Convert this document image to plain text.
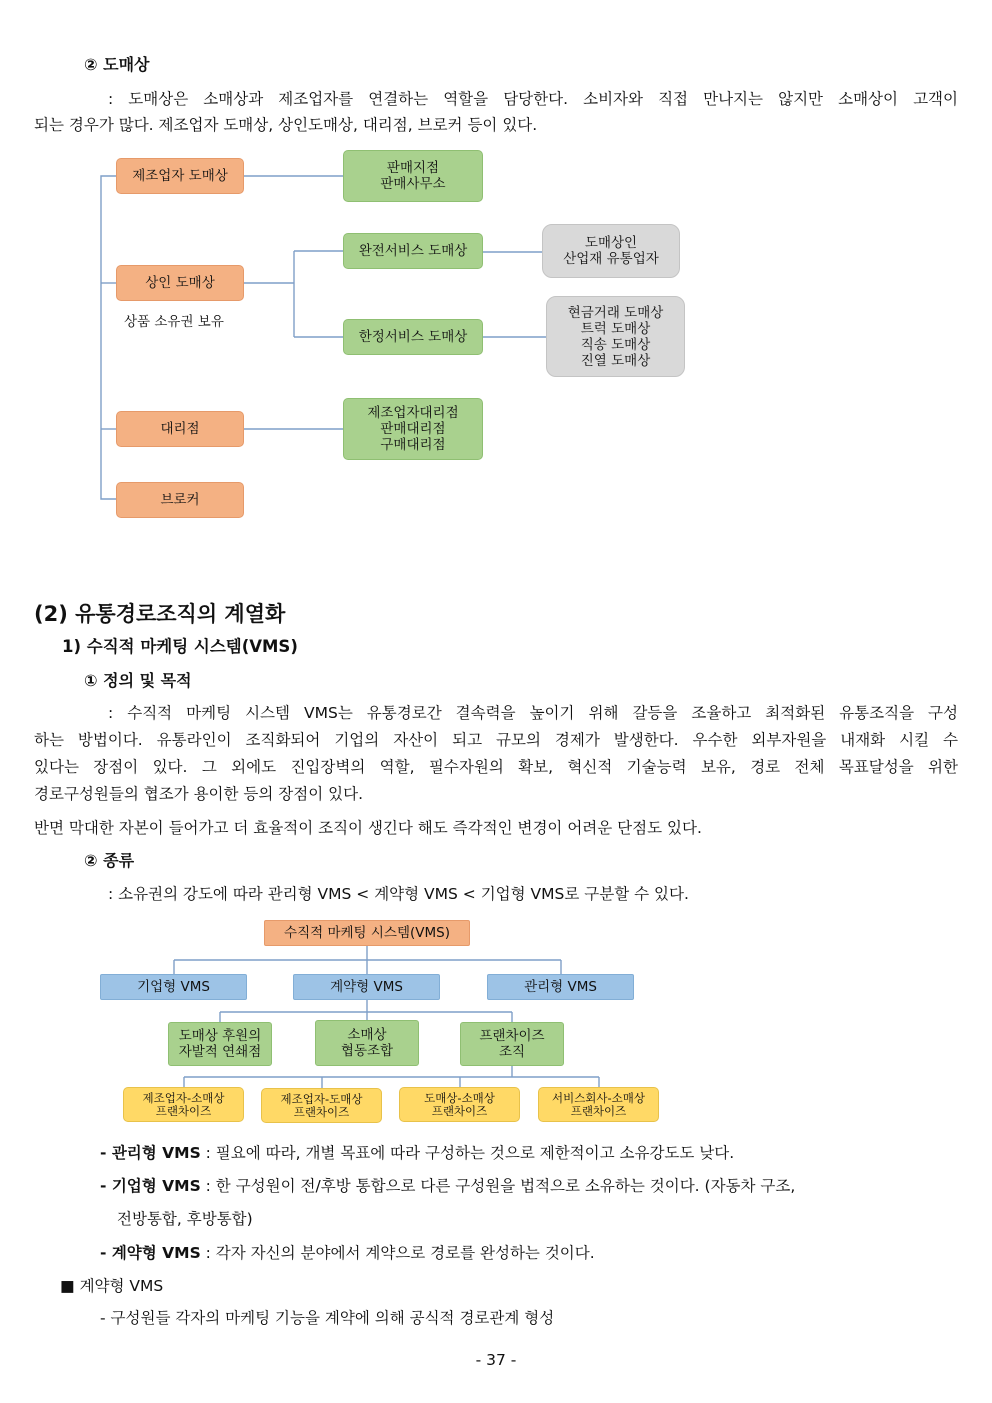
② 도매상
: 도매상은 소매상과 제조업자를 연결하는 역할을 담당한다. 소비자와 직접 만나지는 않지만 소매상이 고객이
되는 경우가 많다. 제조업자 도매상, 상인도매상, 대리점, 브로커 등이 있다.
제조업자 도매상
상인 도매상
상품 소유권 보유
대리점
브로커
판매지점
판매사무소
완전서비스 도매상
한정서비스 도매상
제조업자대리점
판매대리점
구매대리점
도매상인
산업재 유통업자
현금거래 도매상
트럭 도매상
직송 도매상
진열 도매상
(2) 유통경로조직의 계열화
1) 수직적 마케팅 시스템(VMS)
① 정의 및 목적
: 수직적 마케팅 시스템 VMS는 유통경로간 결속력을 높이기 위해 갈등을 조율하고 최적화된 유통조직을 구성
하는 방법이다. 유통라인이 조직화되어 기업의 자산이 되고 규모의 경제가 발생한다. 우수한 외부자원을 내재화 시킬 수
있다는 장점이 있다. 그 외에도 진입장벽의 역할, 필수자원의 확보, 혁신적 기술능력 보유, 경로 전체 목표달성을 위한
경로구성원들의 협조가 용이한 등의 장점이 있다.
반면 막대한 자본이 들어가고 더 효율적이 조직이 생긴다 해도 즉각적인 변경이 어려운 단점도 있다.
② 종류
: 소유권의 강도에 따라 관리형 VMS < 계약형 VMS < 기업형 VMS로 구분할 수 있다.
수직적 마케팅 시스템(VMS)
기업형 VMS	계약형 VMS	관리형 VMS
도매상 후원의
자발적 연쇄점
소매상
협동조합
프랜차이즈
조직
제조업자-소매상
프랜차이즈
제조업자-도매상
프랜차이즈
도매상-소매상
프랜차이즈
서비스회사-소매상
프랜차이즈
- 관리형 VMS : 필요에 따라, 개별 목표에 따라 구성하는 것으로 제한적이고 소유강도도 낮다.
- 기업형 VMS : 한 구성원이 전/후방 통합으로 다른 구성원을 법적으로 소유하는 것이다. (자동차 구조,
전방통합, 후방통합)
- 계약형 VMS : 각자 자신의 분야에서 계약으로 경로를 완성하는 것이다.
■ 계약형 VMS
- 구성원들 각자의 마케팅 기능을 계약에 의해 공식적 경로관계 형성
- 37 -
